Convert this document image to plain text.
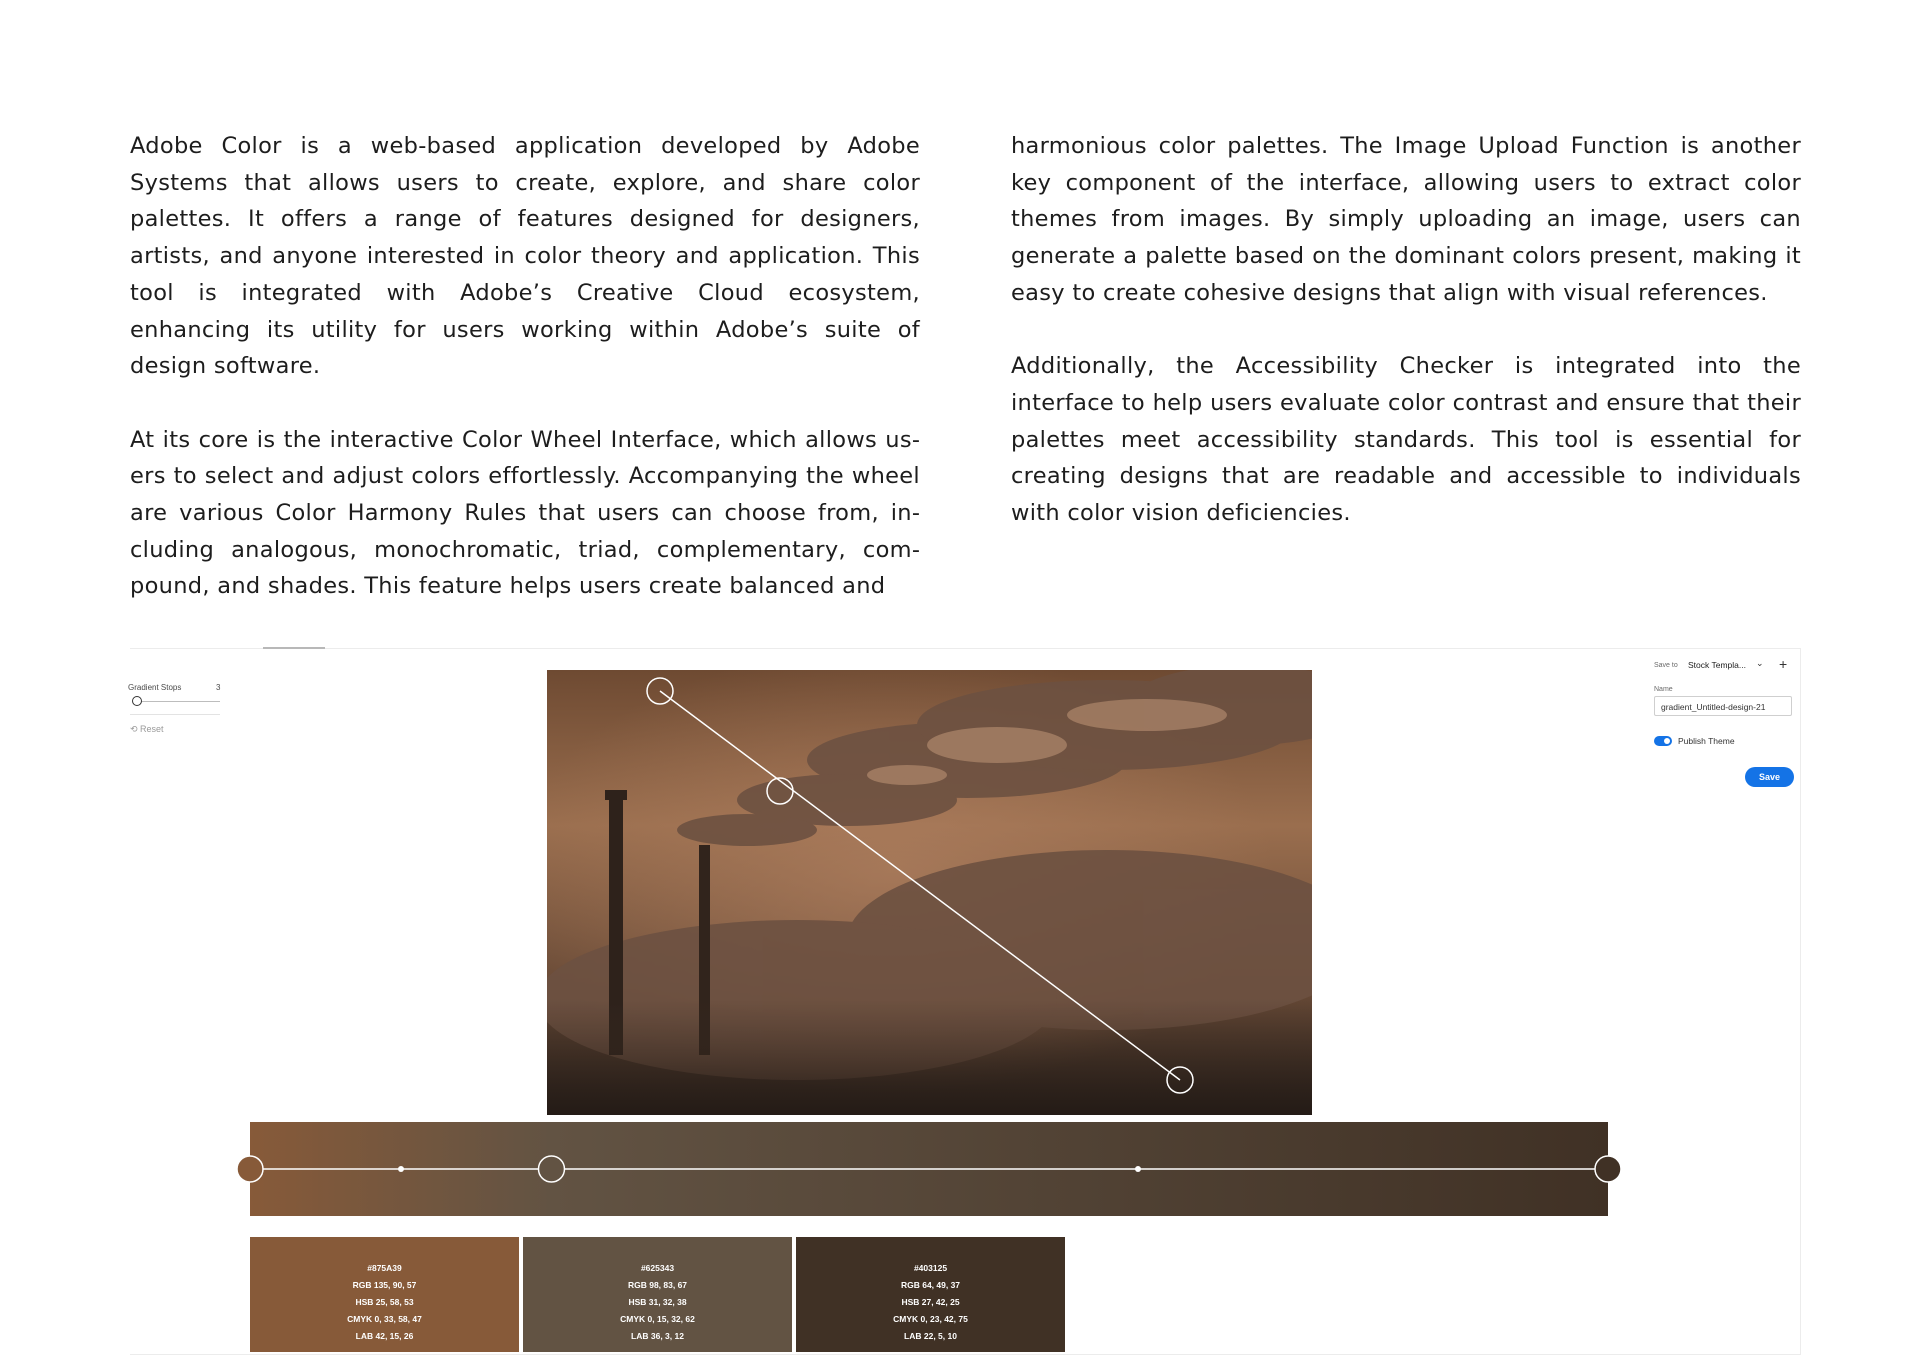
Adobe Color is a web-based application developed by Adobe Systems that allows users to create, explore, and share color palettes. It offers a range of features designed for designers, artists, and anyone interested in color theory and application. This tool is integrated with Adobe’s Creative Cloud ecosystem, enhancing its utility for users working within Adobe’s suite of design software.

At its core is the interactive Color Wheel Interface, which allows users to select and adjust colors effortlessly. Accompanying the wheel are various Color Harmony Rules that users can choose from, including analogous, monochromatic, triad, complementary, compound, and shades. This feature helps users create balanced and

harmonious color palettes. The Image Upload Function is another key component of the interface, allowing users to extract color themes from images. By simply uploading an image, users can generate a palette based on the dominant colors present, making it easy to create cohesive designs that align with visual references.

Additionally, the Accessibility Checker is integrated into the interface to help users evaluate color contrast and ensure that their palettes meet accessibility standards. This tool is essential for creating designs that are readable and accessible to individuals with color vision deficiencies.

Gradient Stops	3
⟲ Reset
#875A39
RGB 135, 90, 57
HSB 25, 58, 53
CMYK 0, 33, 58, 47
LAB 42, 15, 26
#625343
RGB 98, 83, 67
HSB 31, 32, 38
CMYK 0, 15, 32, 62
LAB 36, 3, 12
#403125
RGB 64, 49, 37
HSB 27, 42, 25
CMYK 0, 23, 42, 75
LAB 22, 5, 10
Save to Stock Templa... ⌄ +
Name
gradient_Untitled-design-21
Publish Theme
Save
